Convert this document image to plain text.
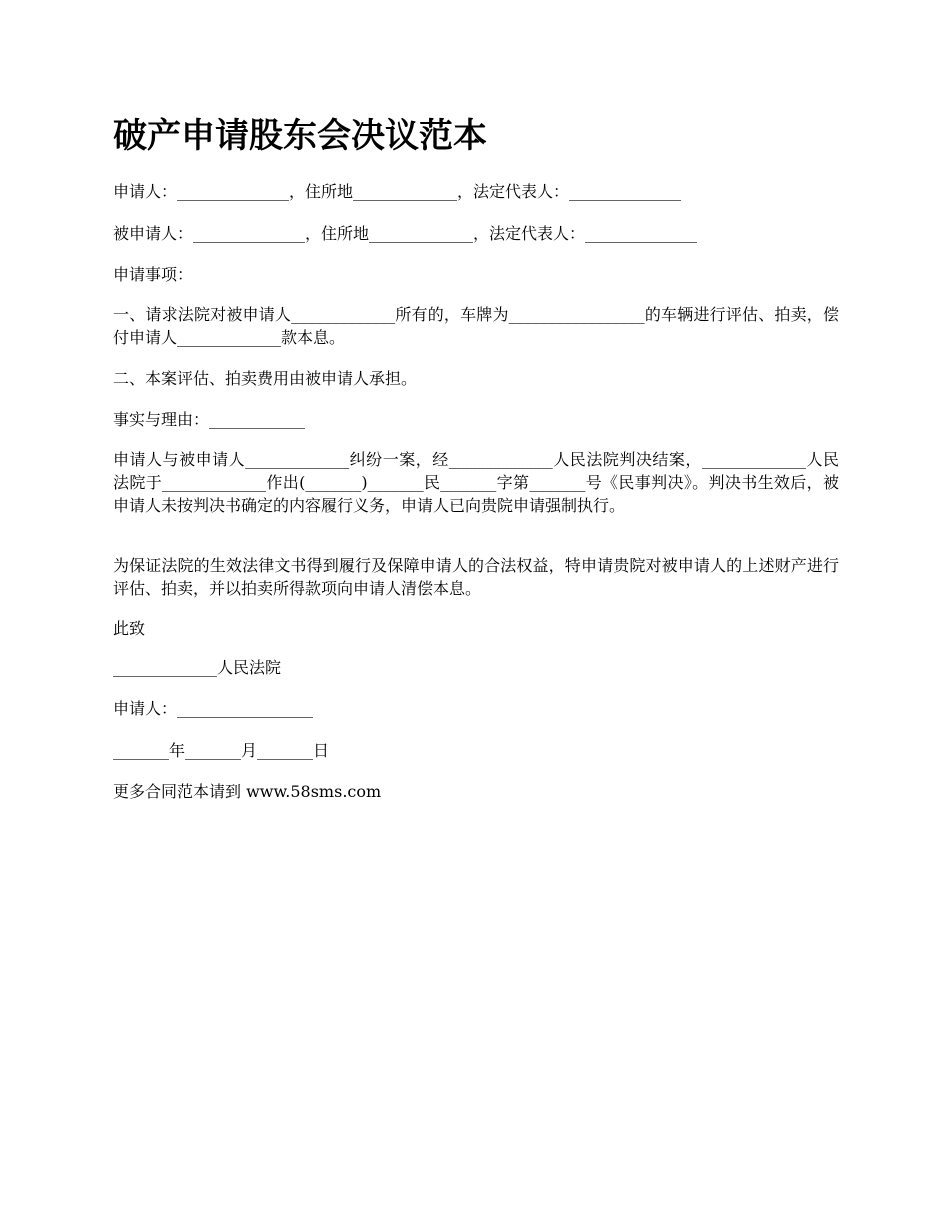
破产申请股东会决议范本

申请人：______________，住所地_____________，法定代表人：______________

被申请人：______________，住所地_____________，法定代表人：______________

申请事项：

一、请求法院对被申请人_____________所有的，车牌为_________________的车辆进行评估、拍卖，偿付申请人_____________款本息。

二、本案评估、拍卖费用由被申请人承担。

事实与理由：____________

申请人与被申请人_____________纠纷一案，经_____________人民法院判决结案，_____________人民法院于_____________作出(_______)_______民_______字第_______号《民事判决》。判决书生效后，被申请人未按判决书确定的内容履行义务，申请人已向贵院申请强制执行。

为保证法院的生效法律文书得到履行及保障申请人的合法权益，特申请贵院对被申请人的上述财产进行评估、拍卖，并以拍卖所得款项向申请人清偿本息。

此致

_____________人民法院

申请人：_________________

_______年_______月_______日

更多合同范本请到 www.58sms.com
